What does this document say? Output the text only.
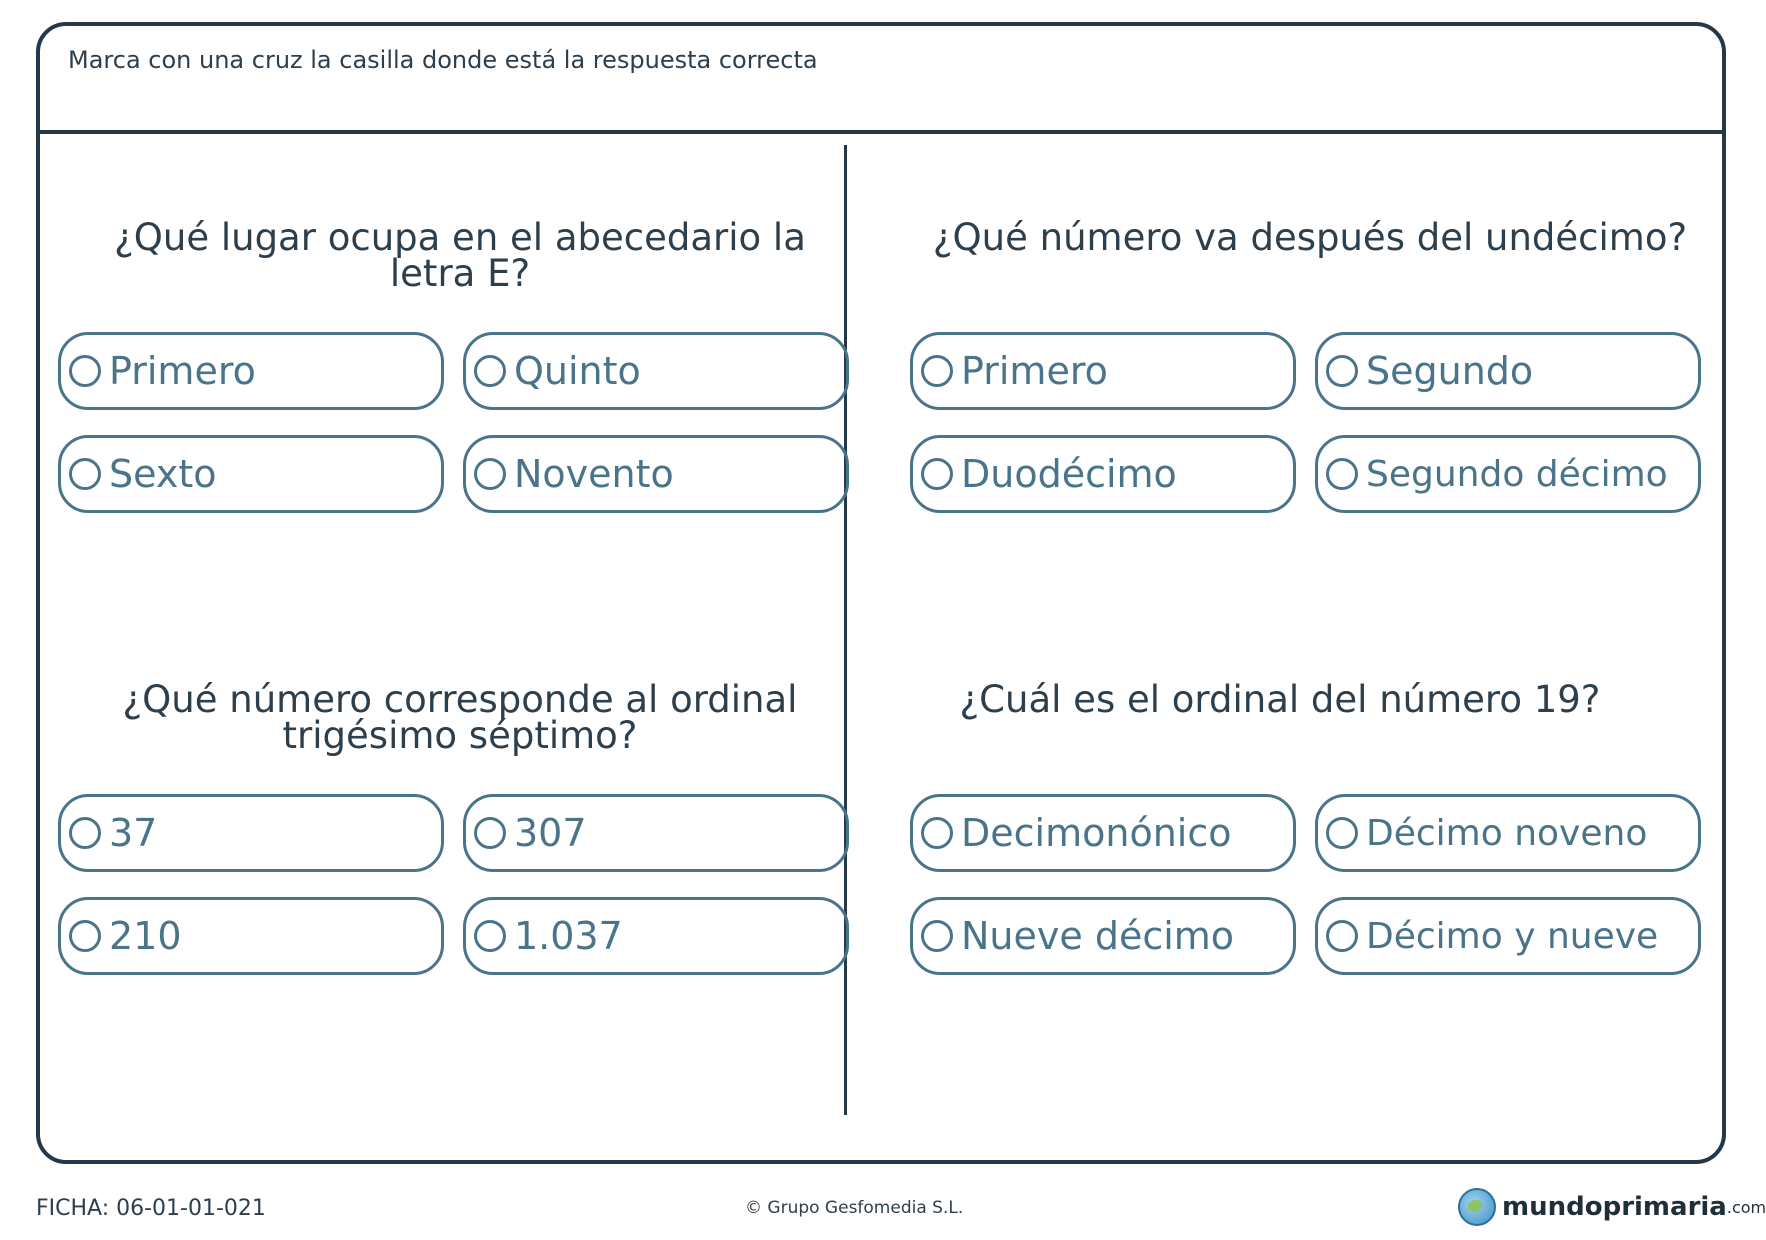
Marca con una cruz la casilla donde está la respuesta correcta
¿Qué lugar ocupa en el abecedario la
letra E?
Primero	Quinto
Sexto	Novento
¿Qué número va después del undécimo?
Primero	Segundo
Duodécimo	Segundo décimo
¿Qué número corresponde al ordinal
trigésimo séptimo?
37	307
210	1.037
¿Cuál es el ordinal del número 19?
Decimonónico	Décimo noveno
Nueve décimo	Décimo y nueve
FICHA: 06-01-01-021	© Grupo Gesfomedia S.L.	mundoprimaria .com
